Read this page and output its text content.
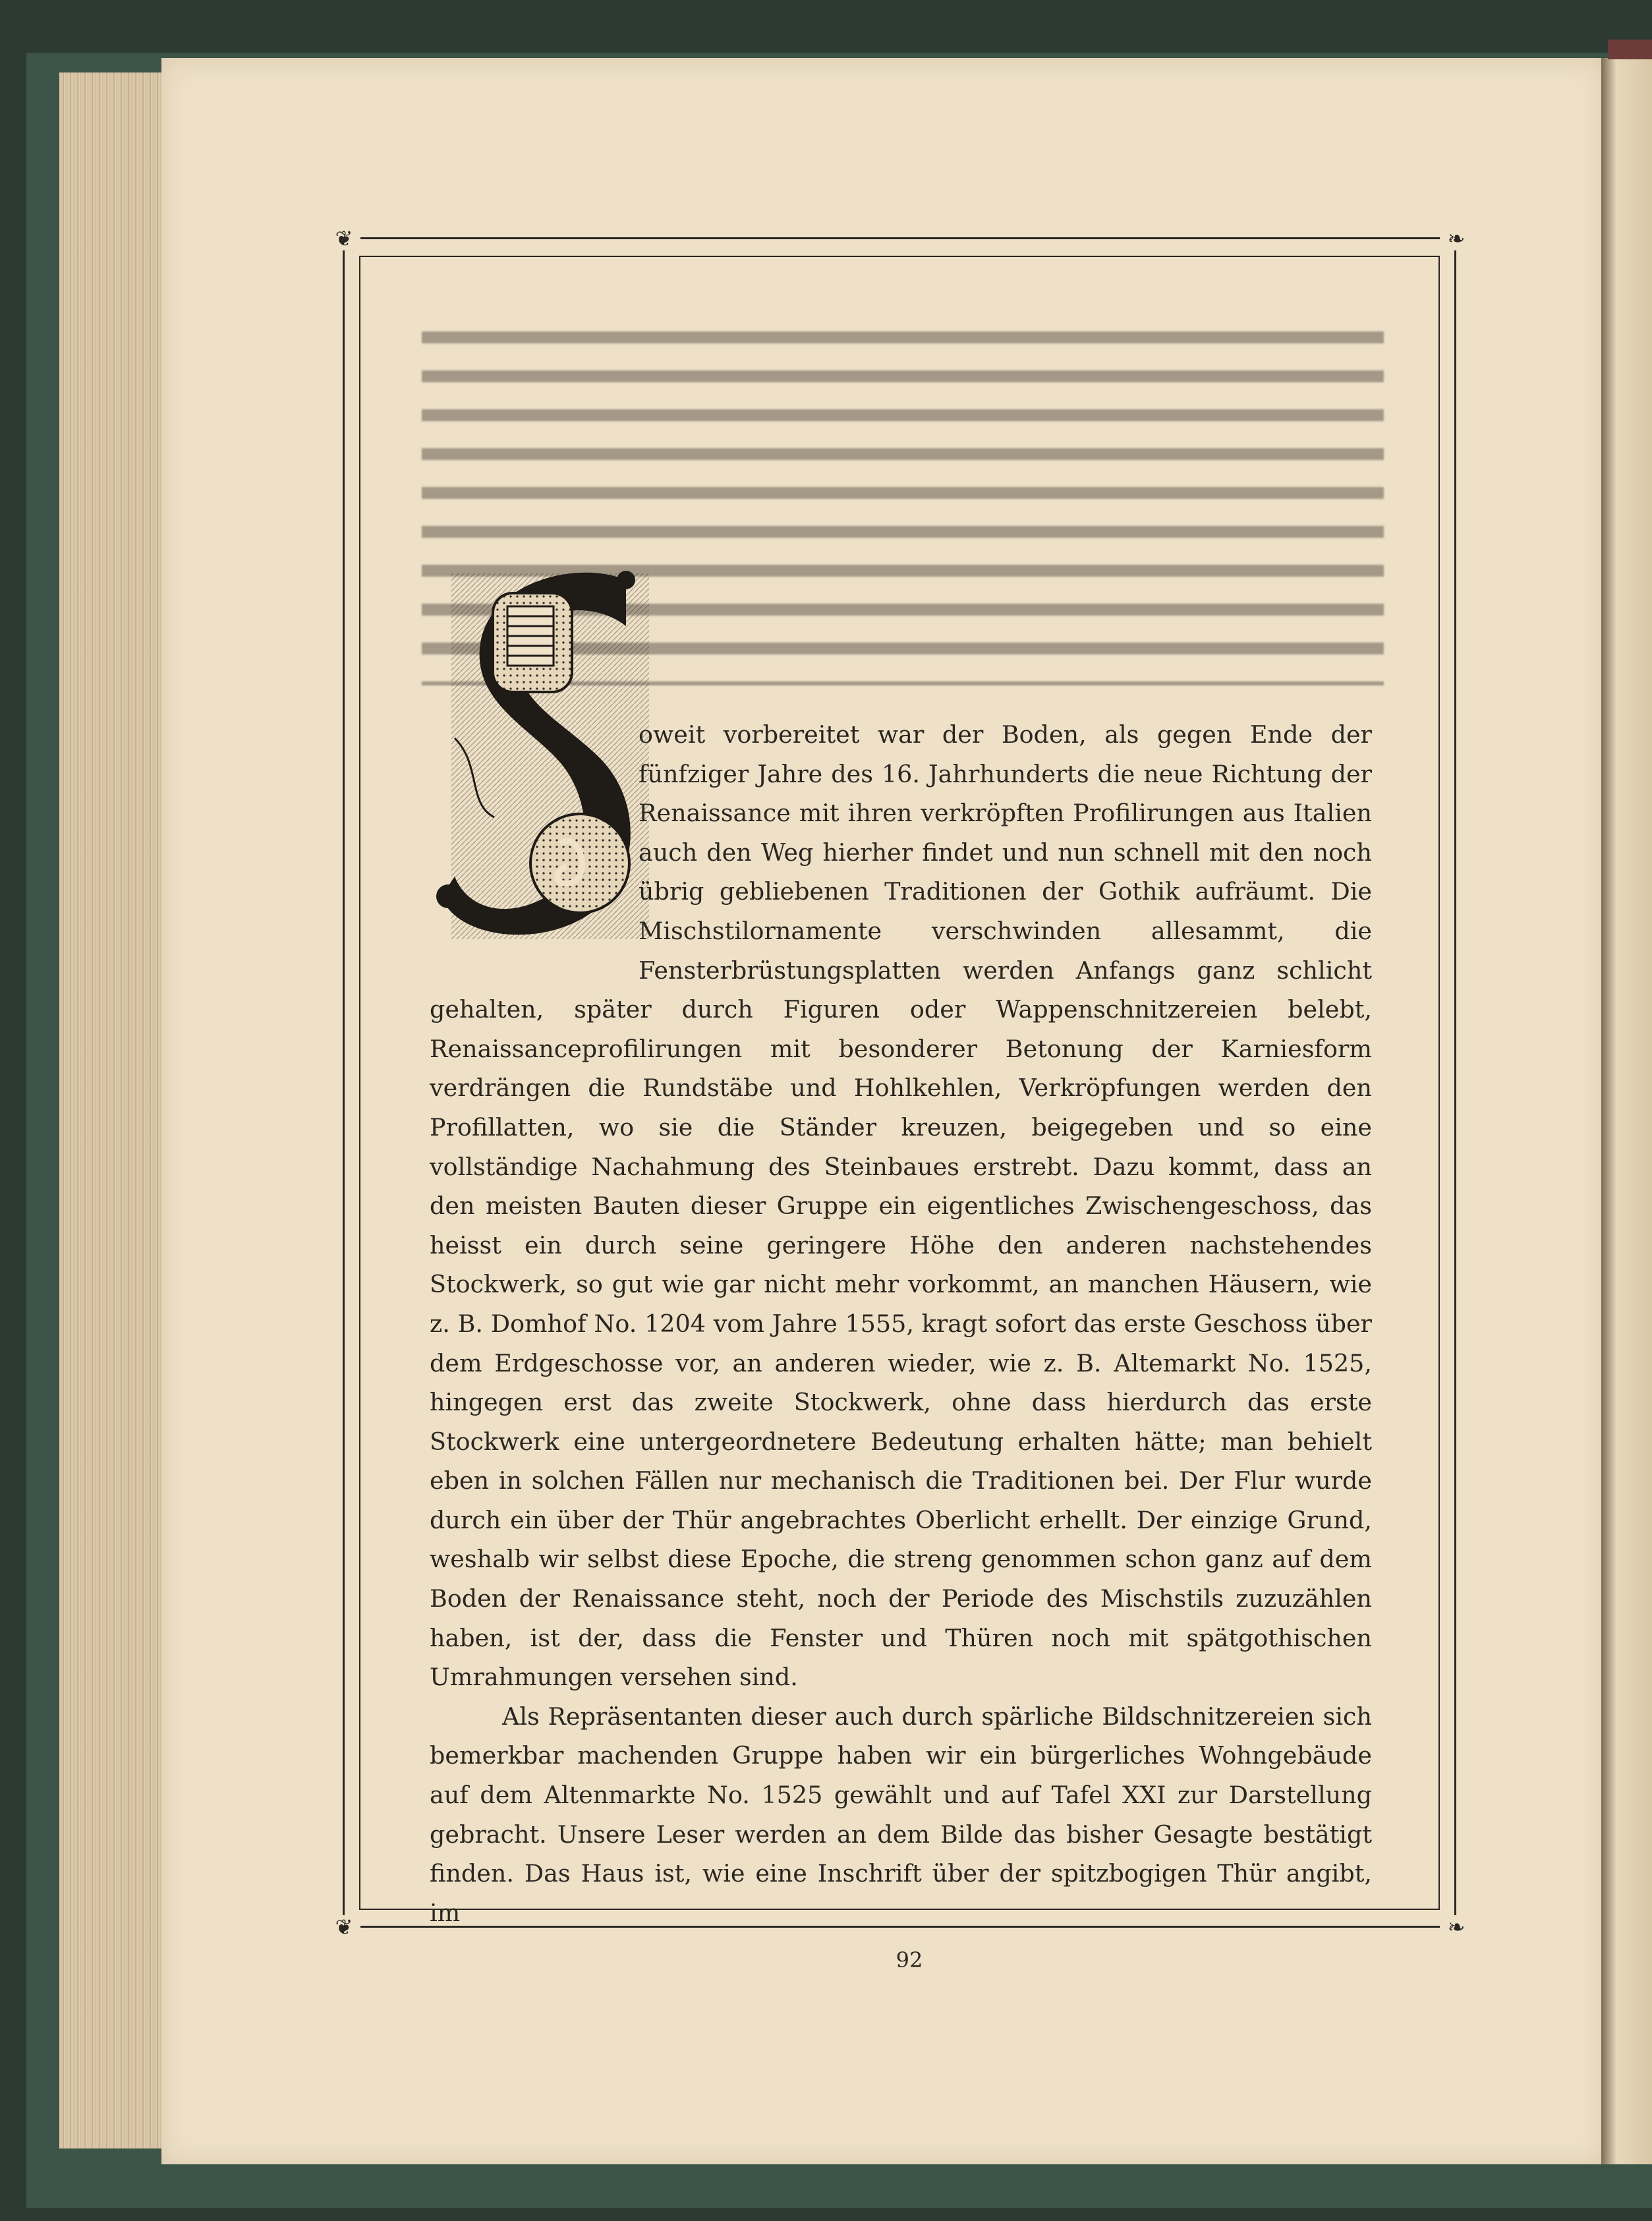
❦	❧
❦	❧

oweit vorbereitet war der Boden, als gegen Ende der fünfziger Jahre des 16. Jahrhunderts die neue Richtung der Renaissance mit ihren verkröpften Profilirungen aus Italien auch den Weg hierher findet und nun schnell mit den noch übrig gebliebenen Traditionen der Gothik aufräumt. Die Mischstilornamente verschwinden allesammt, die Fensterbrüstungsplatten werden Anfangs ganz schlicht gehalten, später durch Figuren oder Wappenschnitzereien belebt, Renaissanceprofilirungen mit besonderer Betonung der Karniesform verdrängen die Rundstäbe und Hohlkehlen, Verkröpfungen werden den Profillatten, wo sie die Ständer kreuzen, beigegeben und so eine vollständige Nachahmung des Steinbaues erstrebt. Dazu kommt, dass an den meisten Bauten dieser Gruppe ein eigentliches Zwischengeschoss, das heisst ein durch seine geringere Höhe den anderen nachstehendes Stockwerk, so gut wie gar nicht mehr vorkommt, an manchen Häusern, wie z. B. Domhof No. 1204 vom Jahre 1555, kragt sofort das erste Geschoss über dem Erdgeschosse vor, an anderen wieder, wie z. B. Altemarkt No. 1525, hingegen erst das zweite Stockwerk, ohne dass hierdurch das erste Stockwerk eine untergeordnetere Bedeutung erhalten hätte; man behielt eben in solchen Fällen nur mechanisch die Traditionen bei. Der Flur wurde durch ein über der Thür angebrachtes Oberlicht erhellt. Der einzige Grund, weshalb wir selbst diese Epoche, die streng genommen schon ganz auf dem Boden der Renaissance steht, noch der Periode des Mischstils zuzuzählen haben, ist der, dass die Fenster und Thüren noch mit spätgothischen Umrahmungen versehen sind.

Als Repräsentanten dieser auch durch spärliche Bildschnitzereien sich bemerkbar machenden Gruppe haben wir ein bürgerliches Wohngebäude auf dem Altenmarkte No. 1525 gewählt und auf Tafel XXI zur Darstellung gebracht. Unsere Leser werden an dem Bilde das bisher Gesagte bestätigt finden. Das Haus ist, wie eine Inschrift über der spitzbogigen Thür angibt, im

92
